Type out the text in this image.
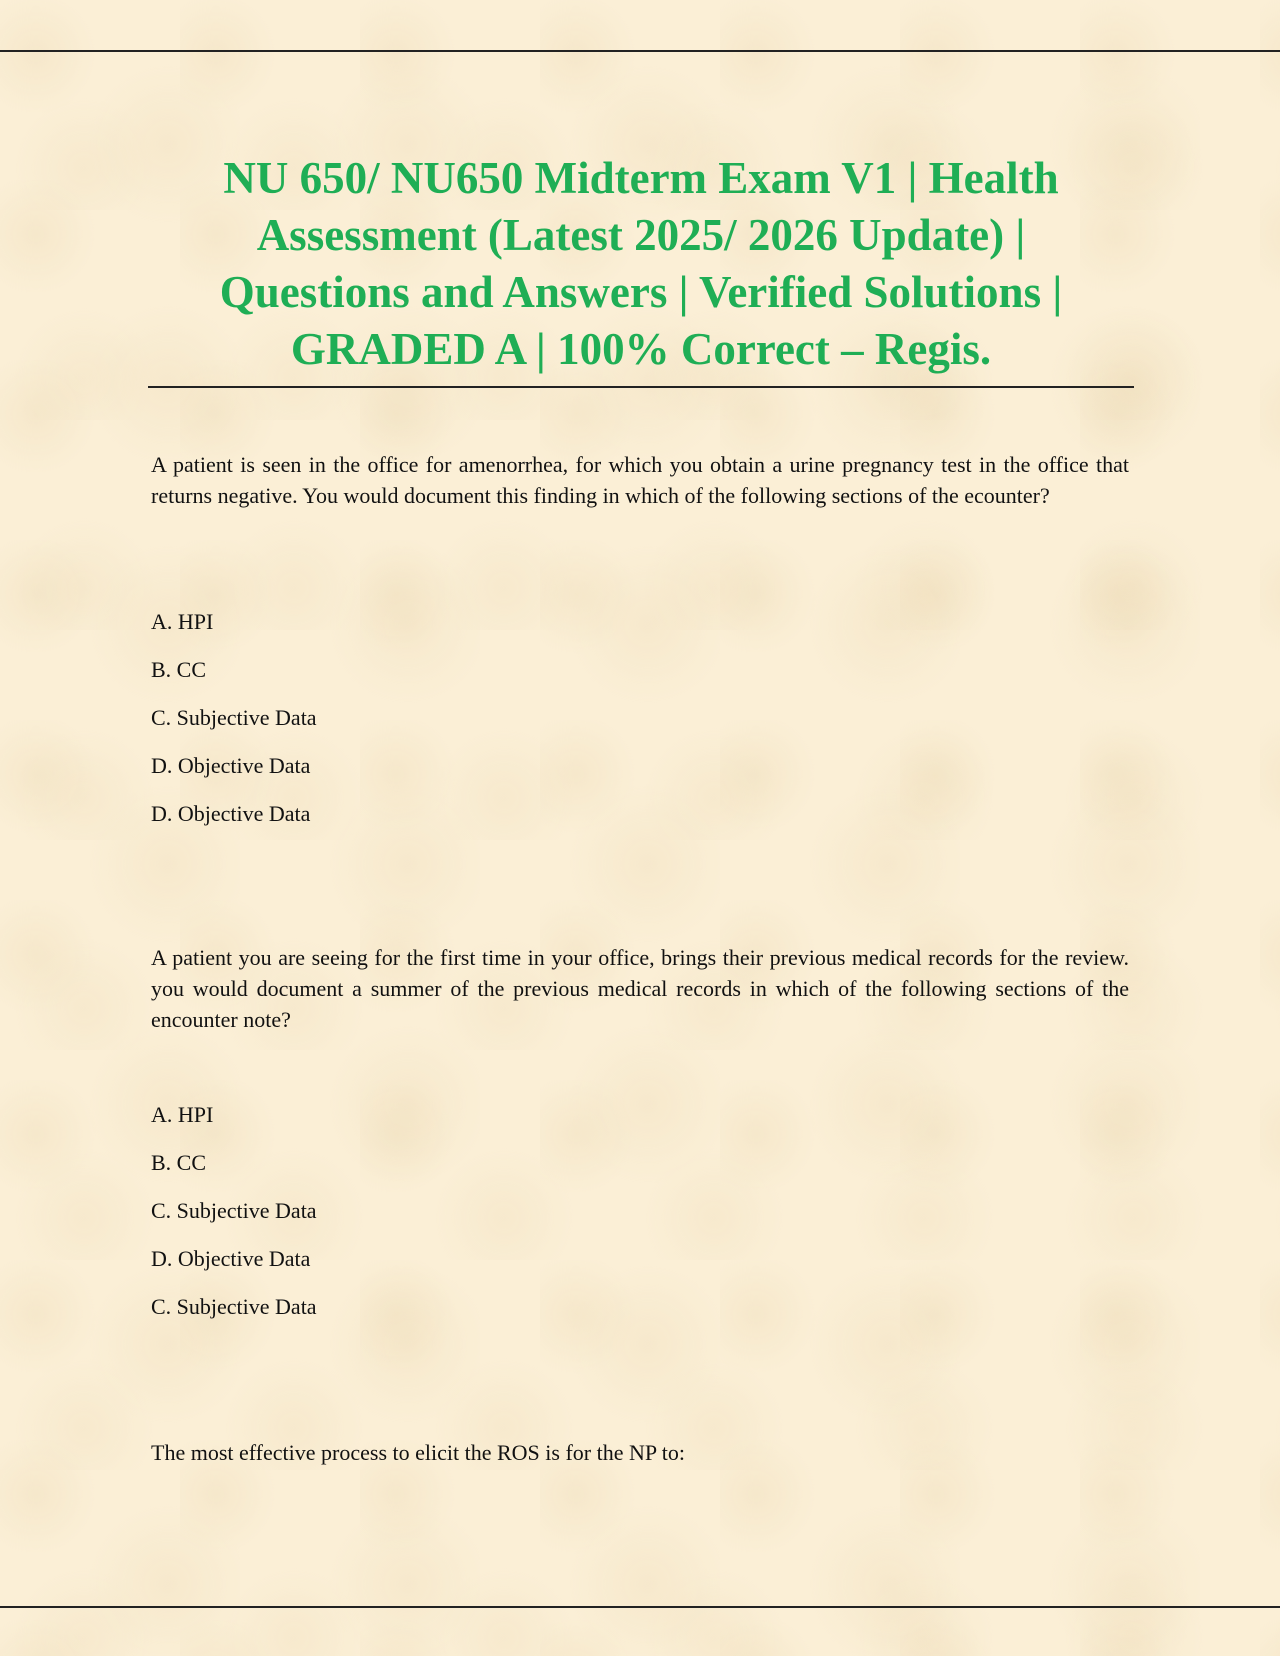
NU 650/ NU650 Midterm Exam V1 | Health
Assessment (Latest 2025/ 2026 Update) |
Questions and Answers | Verified Solutions |
GRADED A | 100% Correct – Regis.

A patient is seen in the office for amenorrhea, for which you obtain a urine pregnancy test in the office that returns negative. You would document this finding in which of the following sections of the ecounter?

A. HPI
B. CC
C. Subjective Data
D. Objective Data
D. Objective Data

A patient you are seeing for the first time in your office, brings their previous medical records for the review. you would document a summer of the previous medical records in which of the following sections of the encounter note?

A. HPI
B. CC
C. Subjective Data
D. Objective Data
C. Subjective Data

The most effective process to elicit the ROS is for the NP to:
